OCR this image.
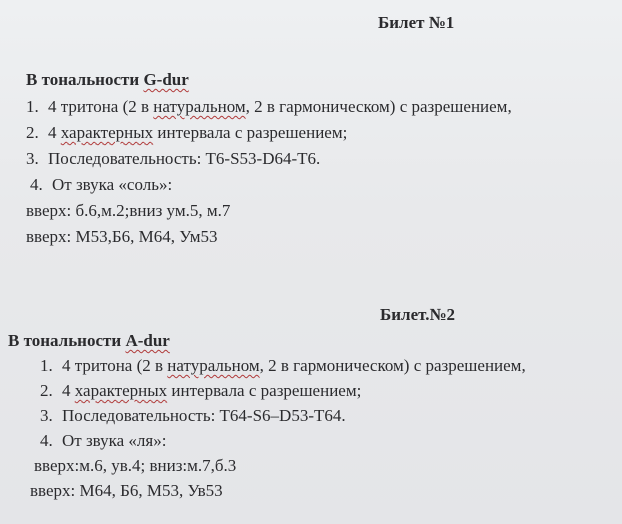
Билет №1
В тональности G-dur
1. 4 тритона (2 в натуральном, 2 в гармоническом) с разрешением,
2. 4 характерных интервала с разрешением;
3. Последовательность: Т6-S53-D64-Т6.
4. От звука «соль»:
вверх: б.6,м.2;вниз ум.5, м.7
вверх: М53,Б6, М64, Ум53
Билет.№2
В тональности A-dur
1. 4 тритона (2 в натуральном, 2 в гармоническом) с разрешением,
2. 4 характерных интервала с разрешением;
3. Последовательность: Т64-S6–D53-Т64.
4. От звука «ля»:
вверх:м.6, ув.4; вниз:м.7,б.3
вверх: М64, Б6, М53, Ув53
